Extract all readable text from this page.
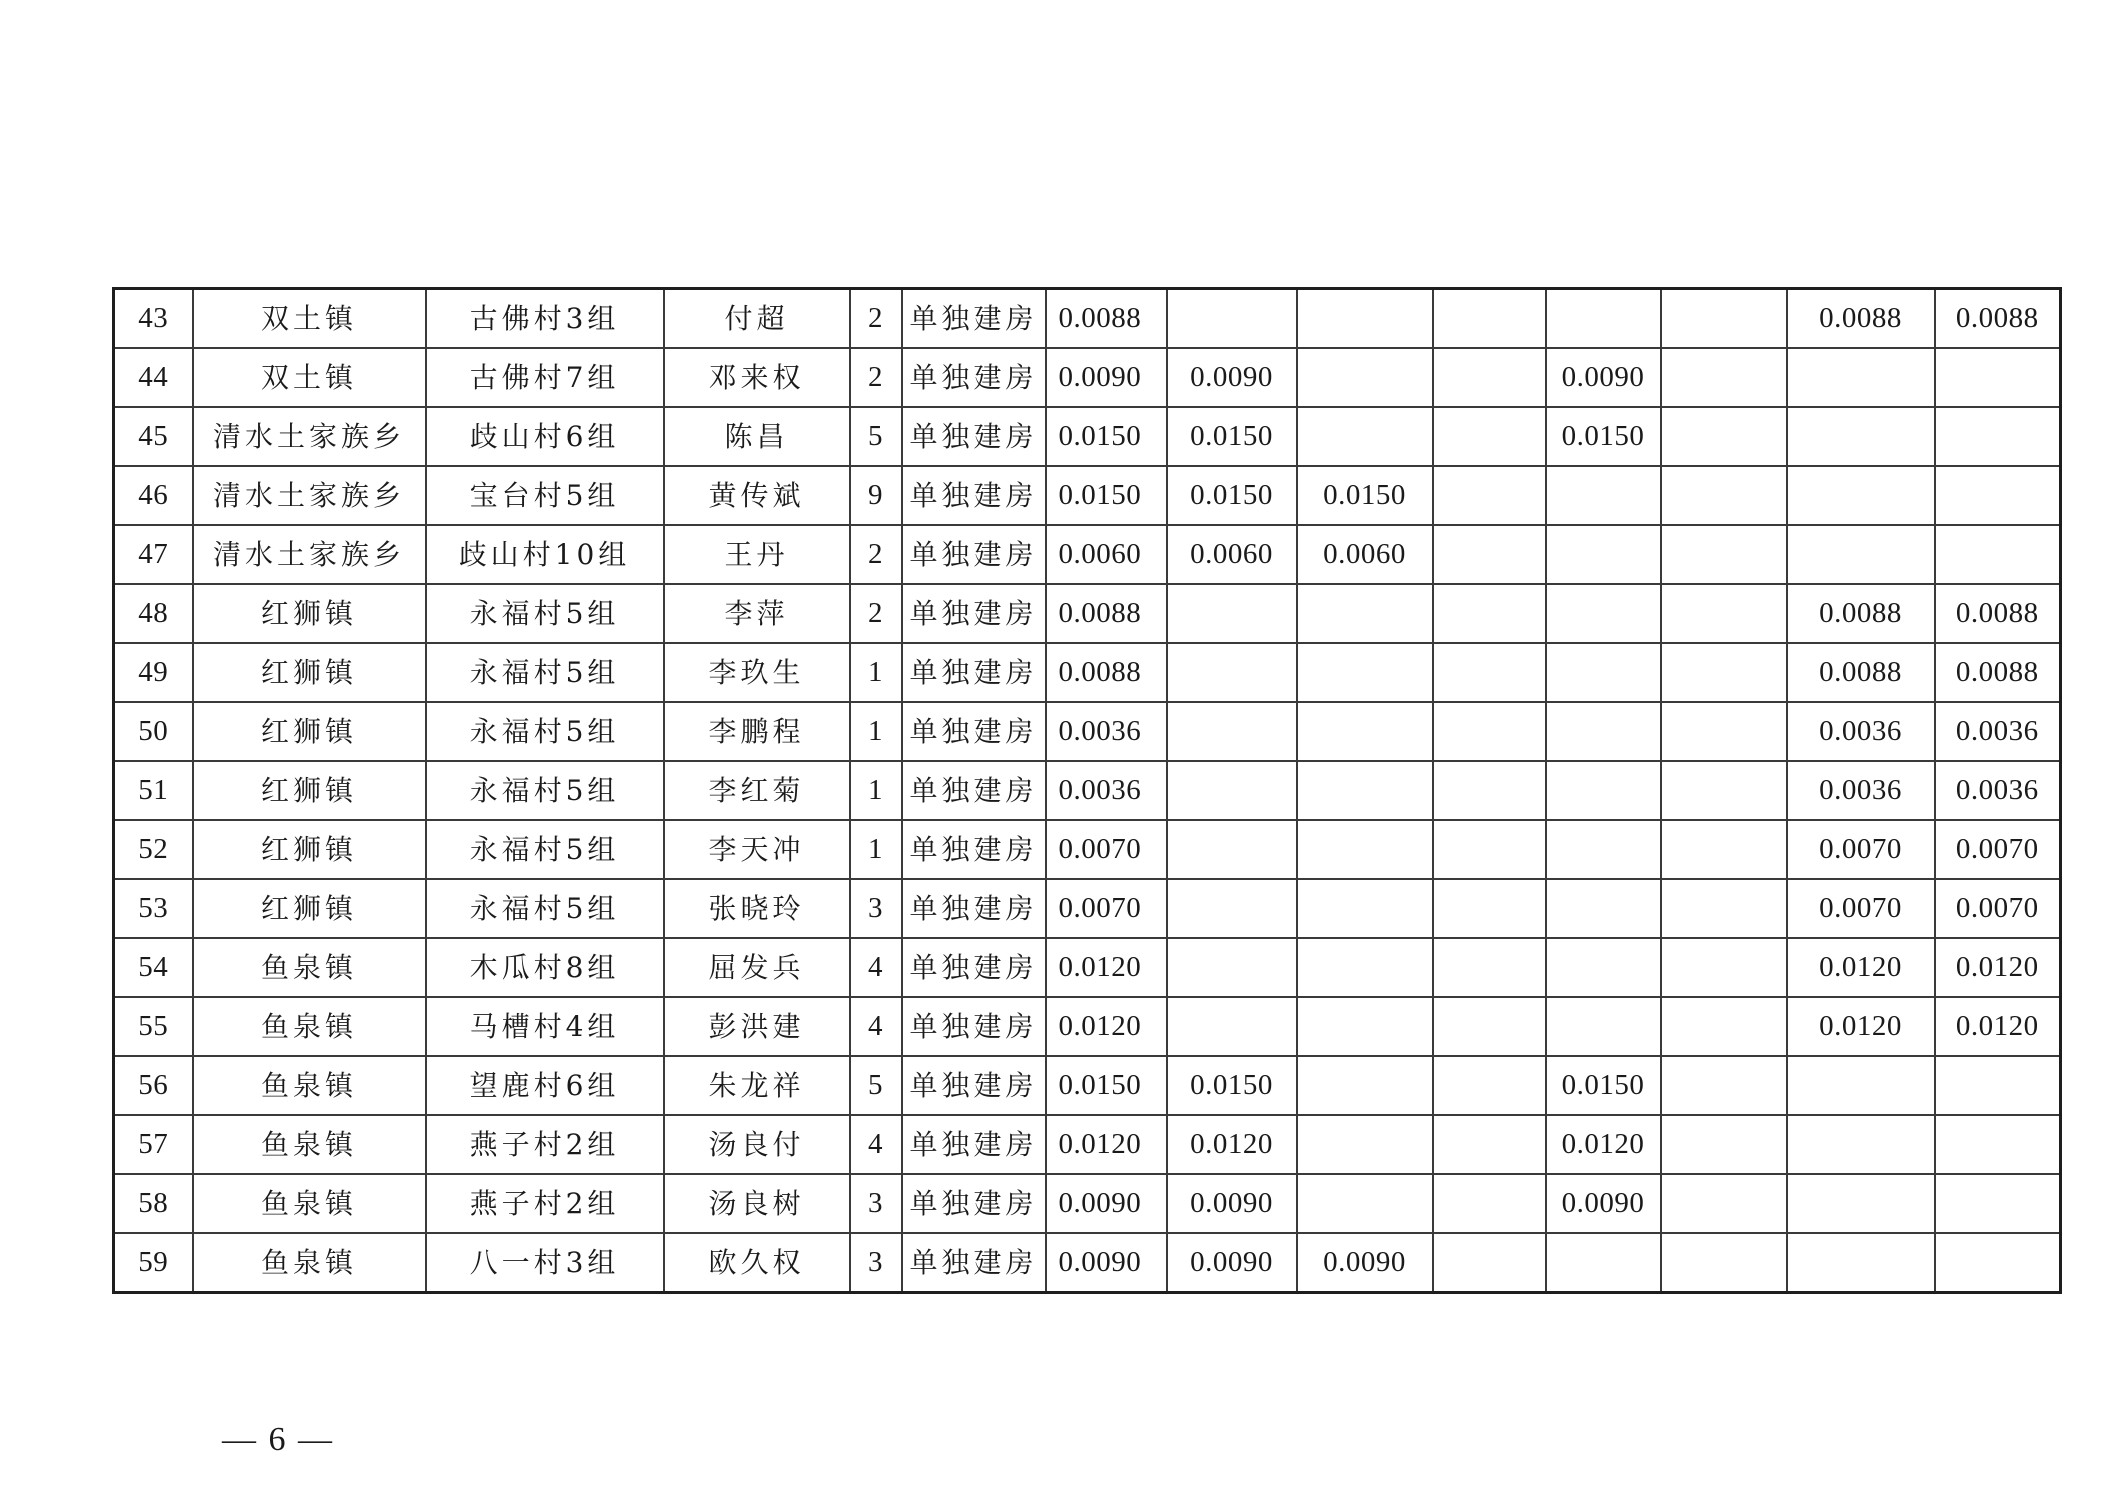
43	双土镇	古佛村3组	付超	2	单独建房	0.0088						0.0088	0.0088
44	双土镇	古佛村7组	邓来权	2	单独建房	0.0090	0.0090			0.0090			
45	清水土家族乡	歧山村6组	陈昌	5	单独建房	0.0150	0.0150			0.0150			
46	清水土家族乡	宝台村5组	黄传斌	9	单独建房	0.0150	0.0150	0.0150					
47	清水土家族乡	歧山村10组	王丹	2	单独建房	0.0060	0.0060	0.0060					
48	红狮镇	永福村5组	李萍	2	单独建房	0.0088						0.0088	0.0088
49	红狮镇	永福村5组	李玖生	1	单独建房	0.0088						0.0088	0.0088
50	红狮镇	永福村5组	李鹏程	1	单独建房	0.0036						0.0036	0.0036
51	红狮镇	永福村5组	李红菊	1	单独建房	0.0036						0.0036	0.0036
52	红狮镇	永福村5组	李天冲	1	单独建房	0.0070						0.0070	0.0070
53	红狮镇	永福村5组	张晓玲	3	单独建房	0.0070						0.0070	0.0070
54	鱼泉镇	木瓜村8组	屈发兵	4	单独建房	0.0120						0.0120	0.0120
55	鱼泉镇	马槽村4组	彭洪建	4	单独建房	0.0120						0.0120	0.0120
56	鱼泉镇	望鹿村6组	朱龙祥	5	单独建房	0.0150	0.0150			0.0150			
57	鱼泉镇	燕子村2组	汤良付	4	单独建房	0.0120	0.0120			0.0120			
58	鱼泉镇	燕子村2组	汤良树	3	单独建房	0.0090	0.0090			0.0090			
59	鱼泉镇	八一村3组	欧久权	3	单独建房	0.0090	0.0090	0.0090					
— 6 —
